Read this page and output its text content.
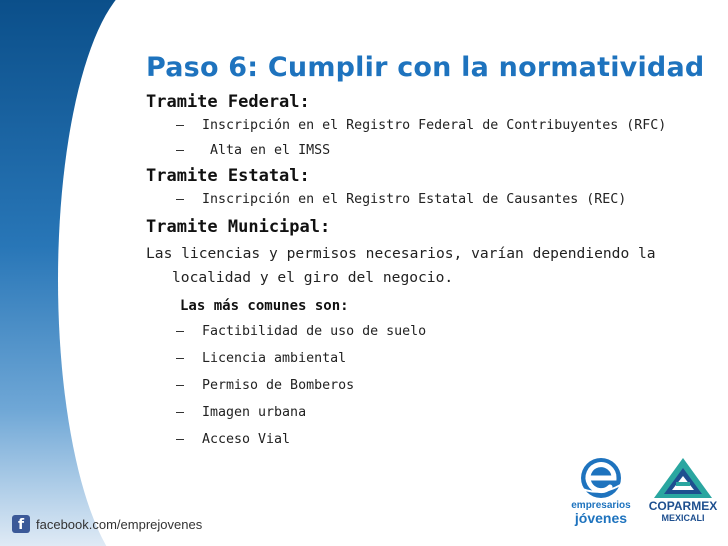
Paso 6: Cumplir con la normatividad
Tramite Federal:
– Inscripción en el Registro Federal de Contribuyentes (RFC)
– Alta en el IMSS
Tramite Estatal:
– Inscripción en el Registro Estatal de Causantes (REC)
Tramite Municipal:
Las licencias y permisos necesarios, varían dependiendo la localidad y el giro del negocio.
Las más comunes son:
– Factibilidad de uso de suelo
– Licencia ambiental
– Permiso de Bomberos
– Imagen urbana
– Acceso Vial
f facebook.com/emprejovenes
empresarios
jóvenes
COPARMEX
MEXICALI
